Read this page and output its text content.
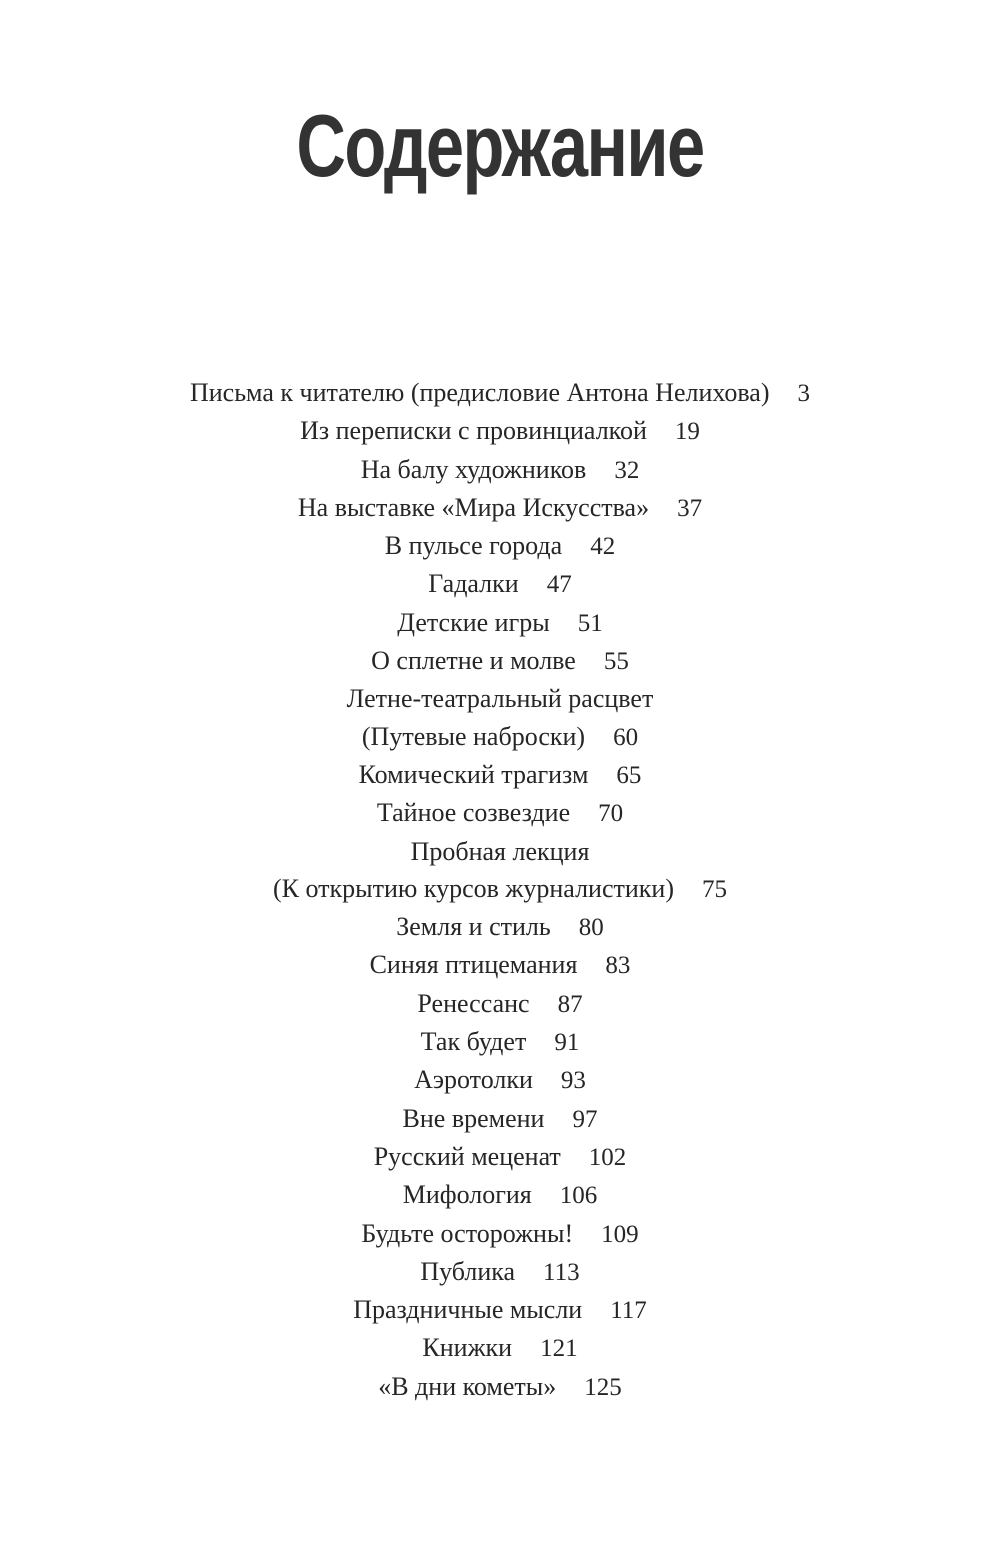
Содержание
Письма к читателю (предисловие Антона Нелихова) 3
Из переписки с провинциалкой 19
На балу художников 32
На выставке «Мира Искусства» 37
В пульсе города 42
Гадалки 47
Детские игры 51
О сплетне и молве 55
Летне-театральный расцвет
(Путевые наброски) 60
Комический трагизм 65
Тайное созвездие 70
Пробная лекция
(К открытию курсов журналистики) 75
Земля и стиль 80
Синяя птицемания 83
Ренессанс 87
Так будет 91
Аэротолки 93
Вне времени 97
Русский меценат 102
Мифология 106
Будьте осторожны! 109
Публика 113
Праздничные мысли 117
Книжки 121
«В дни кометы» 125
